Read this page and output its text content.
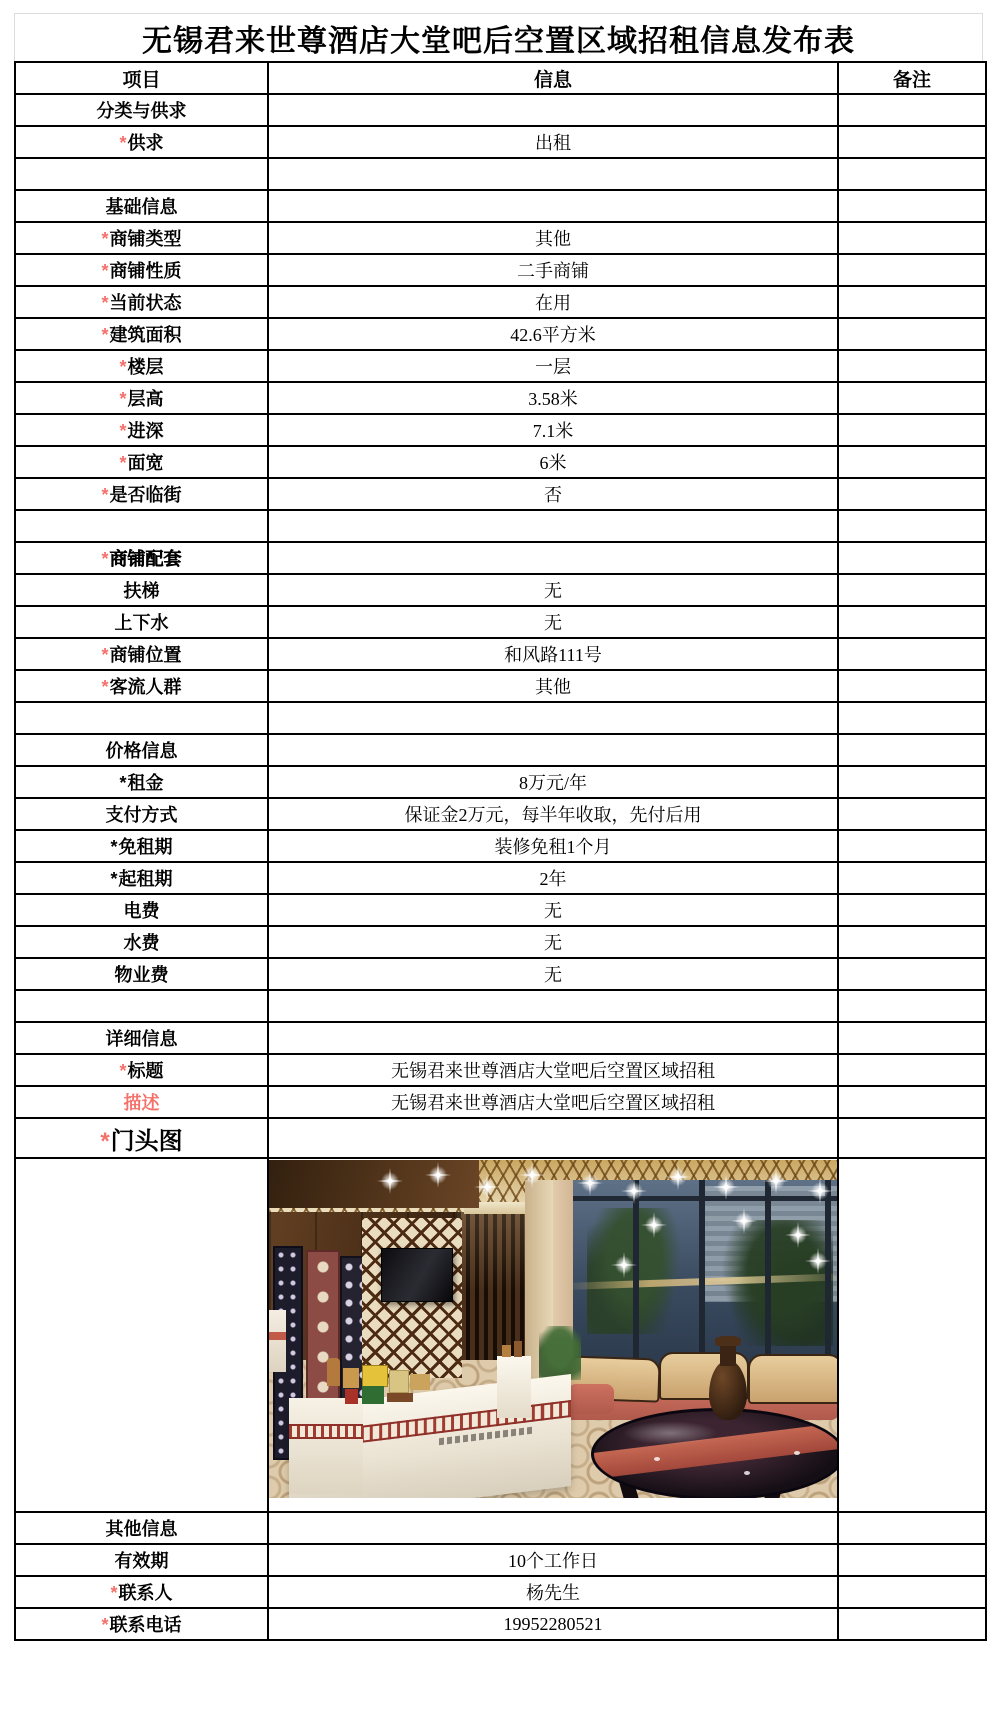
无锡君来世尊酒店大堂吧后空置区域招租信息发布表
项目	信息	备注
分类与供求		
*供求	出租	

基础信息		
*商铺类型	其他	
*商铺性质	二手商铺	
*当前状态	在用	
*建筑面积	42.6平方米	
*楼层	一层	
*层高	3.58米	
*进深	7.1米	
*面宽	6米	
*是否临街	否	

*商铺配套		
扶梯	无	
上下水	无	
*商铺位置	和风路111号	
*客流人群	其他	

价格信息		
*租金	8万元/年	
支付方式	保证金2万元，每半年收取，先付后用	
*免租期	装修免租1个月	
*起租期	2年	
电费	无	
水费	无	
物业费	无	

详细信息		
*标题	无锡君来世尊酒店大堂吧后空置区域招租	
描述	无锡君来世尊酒店大堂吧后空置区域招租	
*门头图		

其他信息		
有效期	10个工作日	
*联系人	杨先生	
*联系电话	19952280521	
